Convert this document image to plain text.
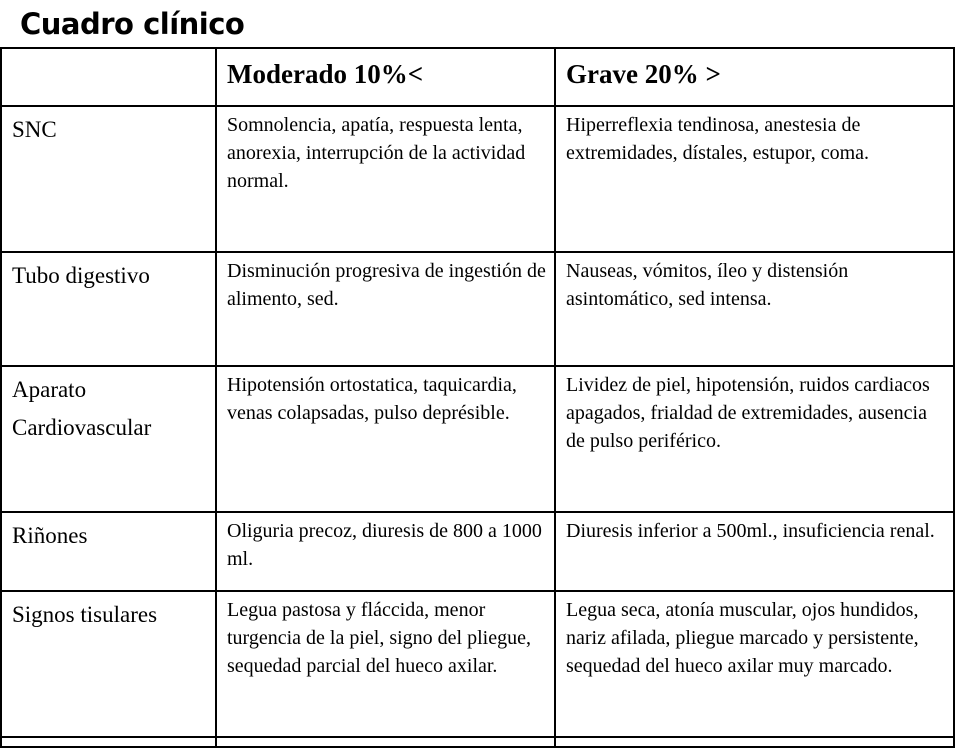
Cuadro clínico
	Moderado 10%<	Grave 20% >

SNC	Somnolencia, apatía, respuesta lenta, anorexia, interrupción de la actividad normal.	Hiperreflexia tendinosa, anestesia de extremidades, dístales, estupor, coma.

Tubo digestivo	Disminución progresiva de ingestión de alimento, sed.	Nauseas, vómitos, íleo y distensión asintomático, sed intensa.

Aparato Cardiovascular	Hipotensión ortostatica, taquicardia, venas colapsadas, pulso deprésible.	Lividez de piel, hipotensión, ruidos cardiacos apagados, frialdad de extremidades, ausencia de pulso periférico.

Riñones	Oliguria precoz, diuresis de 800 a 1000 ml.	Diuresis inferior a 500ml., insuficiencia renal.

Signos tisulares	Legua pastosa y fláccida, menor turgencia de la piel, signo del pliegue, sequedad parcial del hueco axilar.	Legua seca, atonía muscular, ojos hundidos, nariz afilada, pliegue marcado y persistente, sequedad del hueco axilar muy marcado.
